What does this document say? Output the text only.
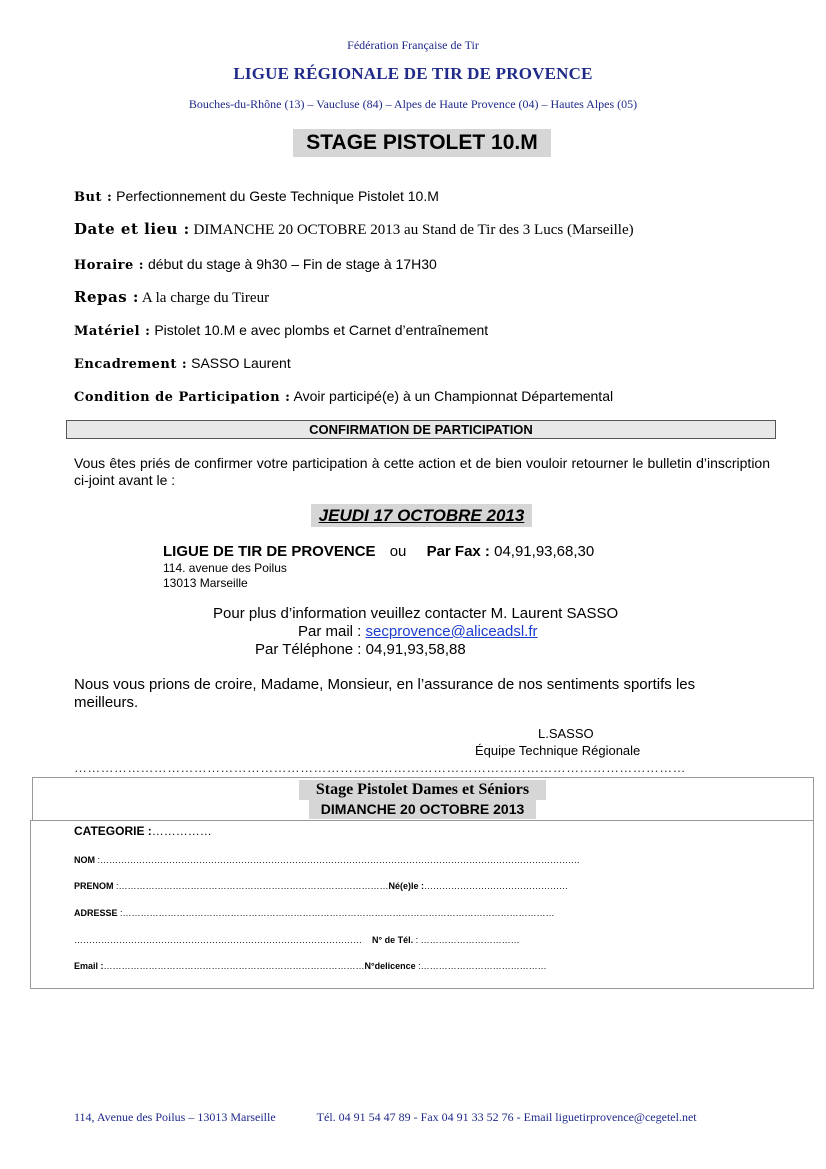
Fédération Française de Tir
LIGUE RÉGIONALE DE TIR DE PROVENCE
Bouches-du-Rhône (13) – Vaucluse (84) – Alpes de Haute Provence (04) – Hautes Alpes (05)
STAGE PISTOLET 10.M
But : Perfectionnement du Geste Technique Pistolet 10.M
Date et lieu : DIMANCHE 20 OCTOBRE 2013 au Stand de Tir des 3 Lucs (Marseille)
Horaire : début du stage à 9h30 – Fin de stage à 17H30
Repas : A la charge du Tireur
Matériel : Pistolet 10.M e avec plombs et Carnet d’entraînement
Encadrement : SASSO Laurent
Condition de Participation : Avoir participé(e) à un Championnat Départemental
CONFIRMATION DE PARTICIPATION
Vous êtes priés de confirmer votre participation à cette action et de bien vouloir retourner le bulletin d’inscription ci-joint avant le :
JEUDI 17 OCTOBRE 2013
LIGUE DE TIR DE PROVENCE ou Par Fax : 04,91,93,68,30
114. avenue des Poilus
13013 Marseille
Pour plus d’information veuillez contacter M. Laurent SASSO
Par mail : secprovence@aliceadsl.fr
Par Téléphone : 04,91,93,58,88
Nous vous prions de croire, Madame, Monsieur, en l’assurance de nos sentiments sportifs les meilleurs.
L.SASSO
Équipe Technique Régionale
…………………………………………………………………………………………………………………………
Stage Pistolet Dames et Séniors
DIMANCHE 20 OCTOBRE 2013
CATEGORIE :……………
NOM :…………………………………………………………………………………………………………………………………………….
PRENOM :………………………………………………………………………………Né(e)le :…………………………………………
ADRESSE :………………………………………………………………………………………………………………………………
…………………………………………………………………………………… N° de Tél. : ……………………………
Email :……………………………………………………………………………N°delicence :……………………………………
114, Avenue des Poilus – 13013 Marseille	Tél. 04 91 54 47 89 - Fax 04 91 33 52 76 - Email liguetirprovence@cegetel.net
